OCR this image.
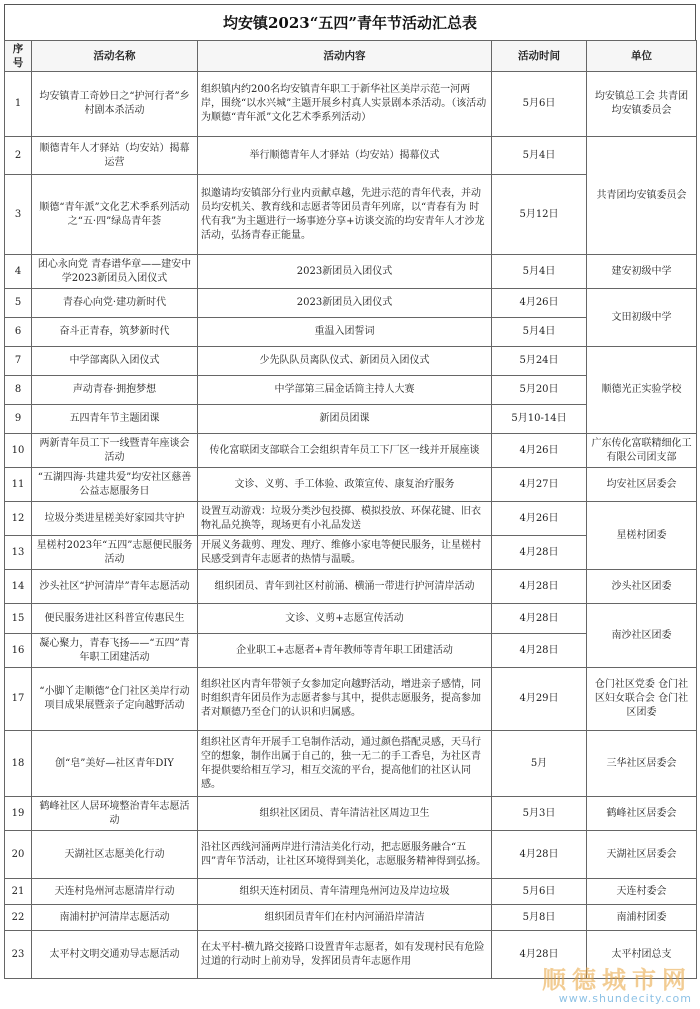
均安镇2023“五四”青年节活动汇总表
序号	活动名称	活动内容	活动时间	单位
1	均安镇青工奇妙日之“护河行者”乡村剧本杀活动	组织镇内约200名均安镇青年职工于新华社区美岸示范一河两岸，围绕“以水兴城”主题开展乡村真人实景剧本杀活动。（该活动为顺德“青年派”文化艺术季系列活动）	5月6日	均安镇总工会 共青团均安镇委员会
2	顺德青年人才驿站（均安站）揭幕运营	举行顺德青年人才驿站（均安站）揭幕仪式	5月4日	共青团均安镇委员会
3	顺德“青年派”文化艺术季系列活动之“五·四”绿岛青年荟	拟邀请均安镇部分行业内贡献卓越，先进示范的青年代表，并动员均安机关、教育线和志愿者等团员青年列席，以“青春有为 时代有我”为主题进行一场事迹分享+访谈交流的均安青年人才沙龙活动，弘扬青春正能量。	5月12日	
4	团心永向党 青春谱华章——建安中学2023新团员入团仪式	2023新团员入团仪式	5月4日	建安初级中学
5	青春心向党·建功新时代	2023新团员入团仪式	4月26日	文田初级中学
6	奋斗正青春，筑梦新时代	重温入团誓词	5月4日	
7	中学部离队入团仪式	少先队队员离队仪式、新团员入团仪式	5月24日	顺德光正实验学校
8	声动青春·拥抱梦想	中学部第三届金话筒主持人大赛	5月20日	
9	五四青年节主题团课	新团员团课	5月10-14日	
10	两新青年员工下一线暨青年座谈会活动	传化富联团支部联合工会组织青年员工下厂区一线并开展座谈	4月26日	广东传化富联精细化工有限公司团支部
11	“五湖四海·共建共爱”均安社区慈善公益志愿服务日	文诊、义剪、手工体验、政策宣传、康复治疗服务	4月27日	均安社区居委会
12	垃圾分类进星槎美好家园共守护	设置互动游戏：垃圾分类沙包投掷、模拟投放、环保花键、旧衣物礼品兑换等，现场更有小礼品发送	4月26日	星槎村团委
13	星槎村2023年“五四”志愿便民服务活动	开展义务裁剪、理发、理疗、维修小家电等便民服务，让星槎村民感受到青年志愿者的热情与温暖。	4月28日	
14	沙头社区“护河清岸”青年志愿活动	组织团员、青年到社区村前涌、横涌一带进行护河清岸活动	4月28日	沙头社区团委
15	便民服务进社区科普宣传惠民生	文诊、义剪+志愿宣传活动	4月28日	南沙社区团委
16	凝心聚力，青春飞扬——“五四”青年职工团建活动	企业职工+志愿者+青年教师等青年职工团建活动	4月28日	
17	“小脚丫走顺德”仓门社区美岸行动项目成果展暨亲子定向越野活动	组织社区内青年带领子女参加定向越野活动，增进亲子感情，同时组织青年团员作为志愿者参与其中，提供志愿服务，提高参加者对顺德乃至仓门的认识和归属感。	4月29日	仓门社区党委 仓门社区妇女联合会 仓门社区团委
18	创“皂”美好—社区青年DIY	组织社区青年开展手工皂制作活动，通过颜色搭配灵感，天马行空的想象，制作出属于自己的，独一无二的手工香皂，为社区青年提供要给相互学习，相互交流的平台，提高他们的社区认同感。	5月	三华社区居委会
19	鹤峰社区人居环境整治青年志愿活动	组织社区团员、青年清洁社区周边卫生	5月3日	鹤峰社区居委会
20	天湖社区志愿美化行动	沿社区西线河涌两岸进行清洁美化行动，把志愿服务融合“五四”青年节活动，让社区环境得到美化，志愿服务精神得到弘扬。	4月28日	天湖社区居委会
21	天连村凫州河志愿清岸行动	组织天连村团员、青年清理凫州河边及岸边垃圾	5月6日	天连村委会
22	南浦村护河清岸志愿活动	组织团员青年们在村内河涌沿岸清洁	5月8日	南浦村团委
23	太平村文明交通劝导志愿活动	在太平村-横九路交接路口设置青年志愿者，如有发现村民有危险过道的行动时上前劝导，发挥团员青年志愿作用	4月28日	太平村团总支
顺德城市网
www.shundecity.com
